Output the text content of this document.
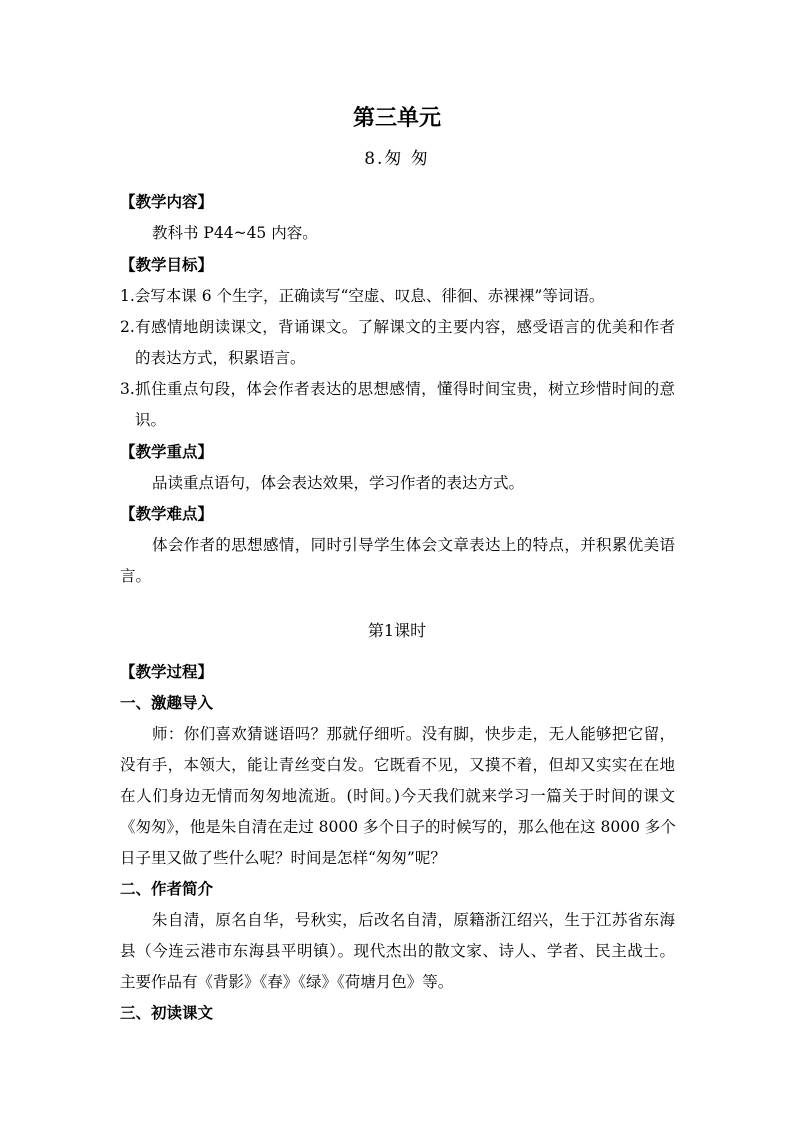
第三单元
8.匆 匆
【教学内容】
教科书 P44~45 内容。
【教学目标】
1.会写本课 6 个生字，正确读写“空虚、叹息、徘徊、赤裸裸”等词语。
2.有感情地朗读课文，背诵课文。了解课文的主要内容，感受语言的优美和作者
的表达方式，积累语言。
3.抓住重点句段，体会作者表达的思想感情，懂得时间宝贵，树立珍惜时间的意
识。
【教学重点】
品读重点语句，体会表达效果，学习作者的表达方式。
【教学难点】
体会作者的思想感情，同时引导学生体会文章表达上的特点，并积累优美语
言。
第1课时
【教学过程】
一、激趣导入
师：你们喜欢猜谜语吗？那就仔细听。没有脚，快步走，无人能够把它留，
没有手，本领大，能让青丝变白发。它既看不见，又摸不着，但却又实实在在地
在人们身边无情而匆匆地流逝。(时间。)今天我们就来学习一篇关于时间的课文
《匆匆》，他是朱自清在走过 8000 多个日子的时候写的，那么他在这 8000 多个
日子里又做了些什么呢？时间是怎样“匆匆”呢？
二、作者简介
朱自清，原名自华，号秋实，后改名自清，原籍浙江绍兴，生于江苏省东海
县（今连云港市东海县平明镇）。现代杰出的散文家、诗人、学者、民主战士。
主要作品有《背影》《春》《绿》《荷塘月色》等。
三、初读课文
